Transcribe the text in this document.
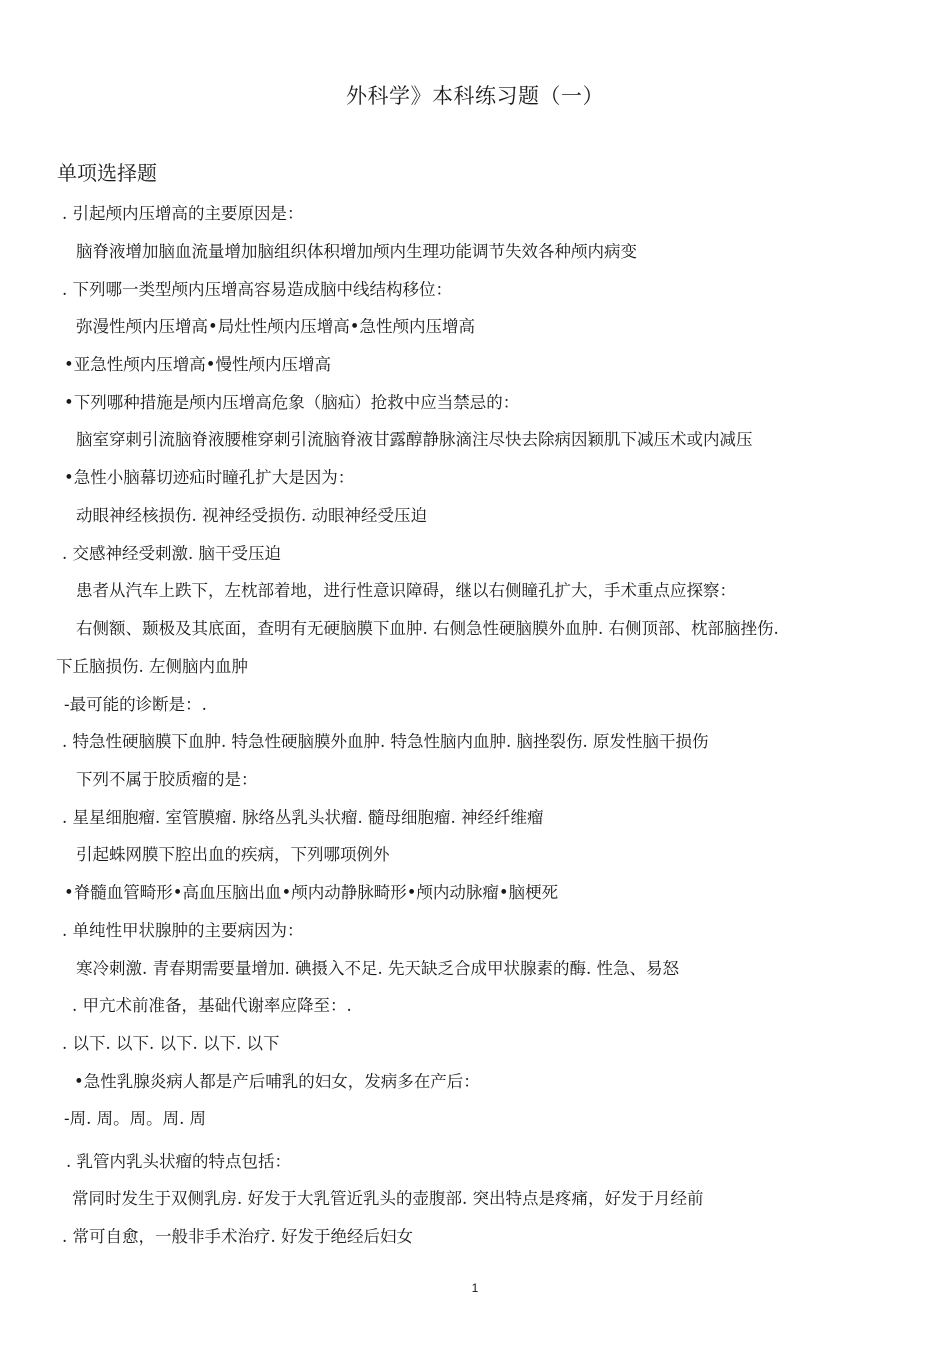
外科学》本科练习题（一）
单项选择题
. 引起颅内压增高的主要原因是：
脑脊液增加脑血流量增加脑组织体积增加颅内生理功能调节失效各种颅内病变
. 下列哪一类型颅内压增高容易造成脑中线结构移位：
弥漫性颅内压增高•局灶性颅内压增高•急性颅内压增高
•亚急性颅内压增高•慢性颅内压增高
•下列哪种措施是颅内压增高危象（脑疝）抢救中应当禁忌的：
脑室穿刺引流脑脊液腰椎穿刺引流脑脊液甘露醇静脉滴注尽快去除病因颖肌下减压术或内减压
•急性小脑幕切迹疝时瞳孔扩大是因为：
动眼神经核损伤. 视神经受损伤. 动眼神经受压迫
. 交感神经受刺激. 脑干受压迫
患者从汽车上跌下，左枕部着地，进行性意识障碍，继以右侧瞳孔扩大，手术重点应探察：
右侧额、颞极及其底面，查明有无硬脑膜下血肿. 右侧急性硬脑膜外血肿. 右侧顶部、枕部脑挫伤.
下丘脑损伤. 左侧脑内血肿
-最可能的诊断是：.
. 特急性硬脑膜下血肿. 特急性硬脑膜外血肿. 特急性脑内血肿. 脑挫裂伤. 原发性脑干损伤
下列不属于胶质瘤的是：
. 星星细胞瘤. 室管膜瘤. 脉络丛乳头状瘤. 髓母细胞瘤. 神经纤维瘤
引起蛛网膜下腔出血的疾病，下列哪项例外
•脊髓血管畸形•高血压脑出血•颅内动静脉畸形•颅内动脉瘤•脑梗死
. 单纯性甲状腺肿的主要病因为：
寒冷刺激. 青春期需要量增加. 碘摄入不足. 先天缺乏合成甲状腺素的酶. 性急、易怒
. 甲亢术前准备，基础代谢率应降至：.
. 以下. 以下. 以下. 以下. 以下
•急性乳腺炎病人都是产后哺乳的妇女，发病多在产后：
-周. 周。周。周. 周
. 乳管内乳头状瘤的特点包括：
常同时发生于双侧乳房. 好发于大乳管近乳头的壶腹部. 突出特点是疼痛，好发于月经前
. 常可自愈，一般非手术治疗. 好发于绝经后妇女
1
